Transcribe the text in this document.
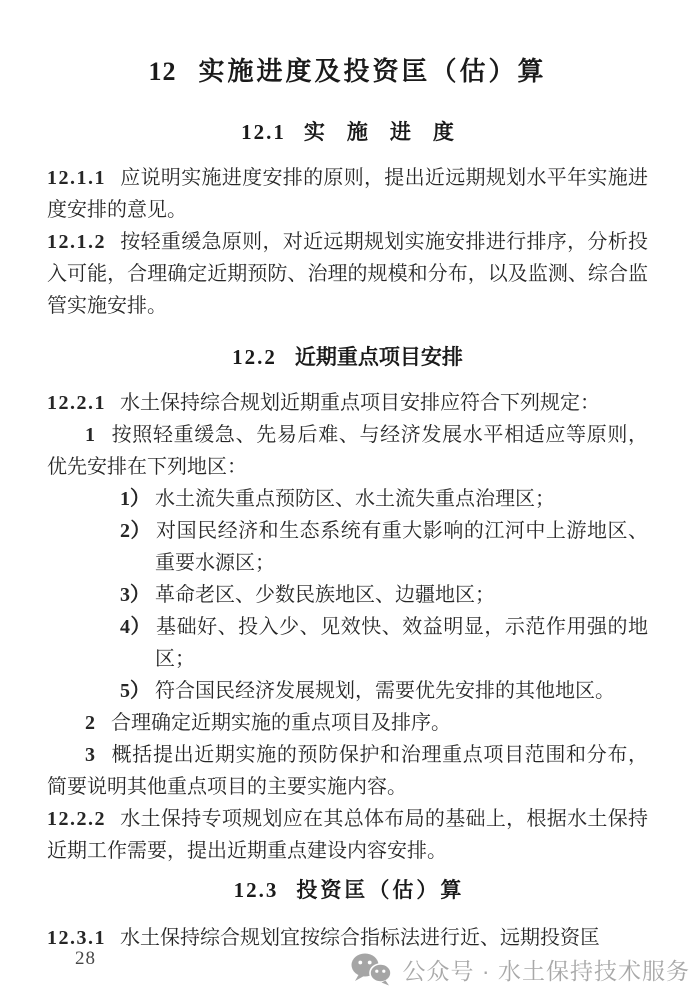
12 实施进度及投资匡（估）算
12.1 实施进度

12.1.1 应说明实施进度安排的原则，提出近远期规划水平年实施进度安排的意见。

12.1.2 按轻重缓急原则，对近远期规划实施安排进行排序，分析投入可能，合理确定近期预防、治理的规模和分布，以及监测、综合监管实施安排。

12.2 近期重点项目安排

12.2.1 水土保持综合规划近期重点项目安排应符合下列规定：

1 按照轻重缓急、先易后难、与经济发展水平相适应等原则，优先安排在下列地区：

1） 水土流失重点预防区、水土流失重点治理区；

2） 对国民经济和生态系统有重大影响的江河中上游地区、重要水源区；

3） 革命老区、少数民族地区、边疆地区；

4） 基础好、投入少、见效快、效益明显，示范作用强的地区；

5） 符合国民经济发展规划，需要优先安排的其他地区。

2 合理确定近期实施的重点项目及排序。

3 概括提出近期实施的预防保护和治理重点项目范围和分布，简要说明其他重点项目的主要实施内容。

12.2.2 水土保持专项规划应在其总体布局的基础上，根据水土保持近期工作需要，提出近期重点建设内容安排。

12.3 投资匡（估）算

12.3.1 水土保持综合规划宜按综合指标法进行近、远期投资匡

28	公众号 · 水土保持技术服务
